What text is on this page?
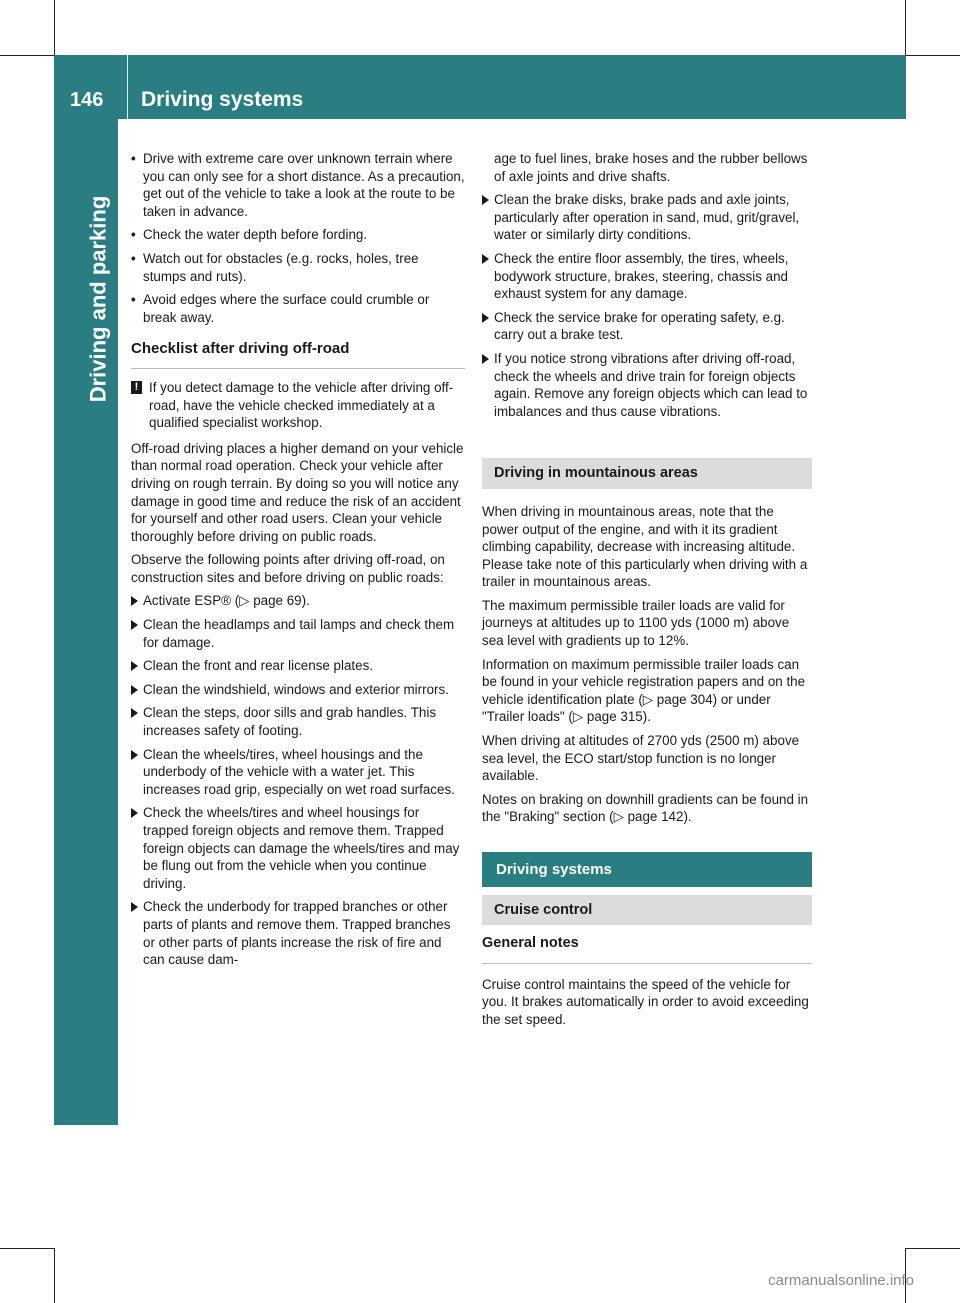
146 Driving systems
Driving and parking
• Drive with extreme care over unknown terrain where you can only see for a short distance. As a precaution, get out of the vehicle to take a look at the route to be taken in advance.
• Check the water depth before fording.
• Watch out for obstacles (e.g. rocks, holes, tree stumps and ruts).
• Avoid edges where the surface could crumble or break away.
Checklist after driving off-road
! If you detect damage to the vehicle after driving off-road, have the vehicle checked immediately at a qualified specialist workshop.

Off-road driving places a higher demand on your vehicle than normal road operation. Check your vehicle after driving on rough terrain. By doing so you will notice any damage in good time and reduce the risk of an accident for yourself and other road users. Clean your vehicle thoroughly before driving on public roads.

Observe the following points after driving off-road, on construction sites and before driving on public roads:

Activate ESP® (▷ page 69).
Clean the headlamps and tail lamps and check them for damage.
Clean the front and rear license plates.
Clean the windshield, windows and exterior mirrors.
Clean the steps, door sills and grab handles. This increases safety of footing.
Clean the wheels/tires, wheel housings and the underbody of the vehicle with a water jet. This increases road grip, especially on wet road surfaces.
Check the wheels/tires and wheel housings for trapped foreign objects and remove them. Trapped foreign objects can damage the wheels/tires and may be flung out from the vehicle when you continue driving.
Check the underbody for trapped branches or other parts of plants and remove them. Trapped branches or other parts of plants increase the risk of fire and can cause dam-

age to fuel lines, brake hoses and the rubber bellows of axle joints and drive shafts.

Clean the brake disks, brake pads and axle joints, particularly after operation in sand, mud, grit/gravel, water or similarly dirty conditions.
Check the entire floor assembly, the tires, wheels, bodywork structure, brakes, steering, chassis and exhaust system for any damage.
Check the service brake for operating safety, e.g. carry out a brake test.
If you notice strong vibrations after driving off-road, check the wheels and drive train for foreign objects again. Remove any foreign objects which can lead to imbalances and thus cause vibrations.
Driving in mountainous areas

When driving in mountainous areas, note that the power output of the engine, and with it its gradient climbing capability, decrease with increasing altitude. Please take note of this particularly when driving with a trailer in mountainous areas.

The maximum permissible trailer loads are valid for journeys at altitudes up to 1100 yds (1000 m) above sea level with gradients up to 12%.

Information on maximum permissible trailer loads can be found in your vehicle registration papers and on the vehicle identification plate (▷ page 304) or under "Trailer loads" (▷ page 315).

When driving at altitudes of 2700 yds (2500 m) above sea level, the ECO start/stop function is no longer available.

Notes on braking on downhill gradients can be found in the "Braking" section (▷ page 142).

Driving systems
Cruise control
General notes

Cruise control maintains the speed of the vehicle for you. It brakes automatically in order to avoid exceeding the set speed.

carmanualsonline.info
